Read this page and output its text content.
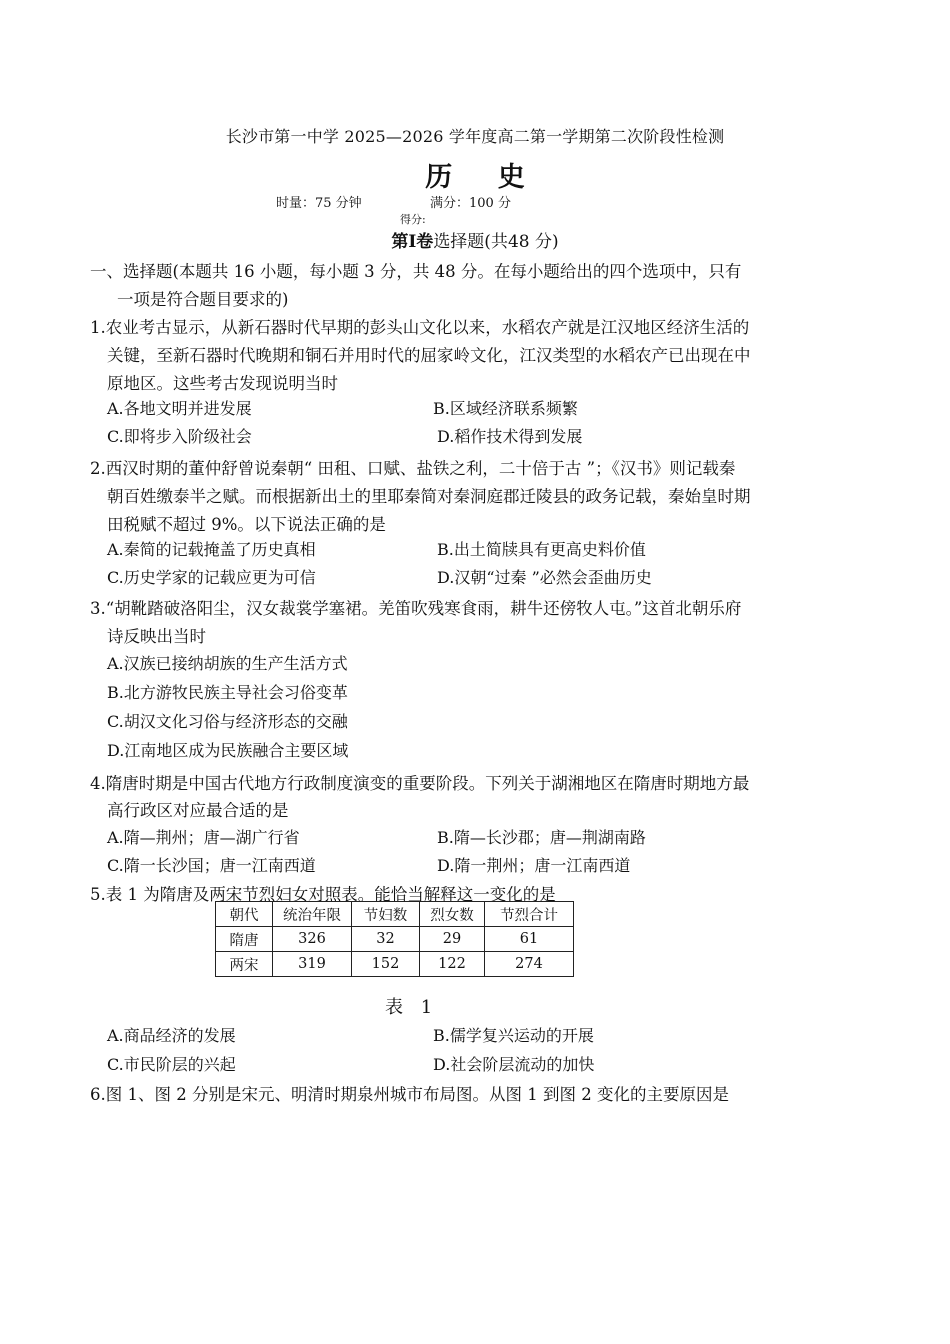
长沙市第一中学 2025—2026 学年度高二第一学期第二次阶段性检测
历 史
时量：75 分钟	满分：100 分
得分:
第Ⅰ卷选择题(共48 分)
一、选择题(本题共 16 小题，每小题 3 分，共 48 分。在每小题给出的四个选项中，只有
一项是符合题目要求的)
1.农业考古显示，从新石器时代早期的彭头山文化以来，水稻农产就是江汉地区经济生活的
关键，至新石器时代晚期和铜石并用时代的屈家岭文化，江汉类型的水稻农产已出现在中
原地区。这些考古发现说明当时
A.各地文明并进发展	B.区域经济联系频繁
C.即将步入阶级社会	D.稻作技术得到发展
2.西汉时期的董仲舒曾说秦朝“ 田租、口赋、盐铁之利，二十倍于古 ”；《汉书》则记载秦
朝百姓缴泰半之赋。而根据新出土的里耶秦简对秦洞庭郡迁陵县的政务记载，秦始皇时期
田税赋不超过 9%。以下说法正确的是
A.秦简的记载掩盖了历史真相	B.出土简牍具有更高史料价值
C.历史学家的记载应更为可信	D.汉朝“过秦 ”必然会歪曲历史
3.“胡靴踏破洛阳尘，汉女裁裳学塞裙。羌笛吹残寒食雨，耕牛还傍牧人屯。”这首北朝乐府
诗反映出当时
A.汉族已接纳胡族的生产生活方式
B.北方游牧民族主导社会习俗变革
C.胡汉文化习俗与经济形态的交融
D.江南地区成为民族融合主要区域
4.隋唐时期是中国古代地方行政制度演变的重要阶段。下列关于湖湘地区在隋唐时期地方最
高行政区对应最合适的是
A.隋—荆州；唐—湖广行省	B.隋—长沙郡；唐—荆湖南路
C.隋一长沙国；唐一江南西道	D.隋一荆州；唐一江南西道
5.表 1 为隋唐及两宋节烈妇女对照表。能恰当解释这一变化的是
朝代	统治年限	节妇数	烈女数	节烈合计
隋唐	326	32	29	61
两宋	319	152	122	274
表 1
A.商品经济的发展	B.儒学复兴运动的开展
C.市民阶层的兴起	D.社会阶层流动的加快
6.图 1、图 2 分别是宋元、明清时期泉州城市布局图。从图 1 到图 2 变化的主要原因是
